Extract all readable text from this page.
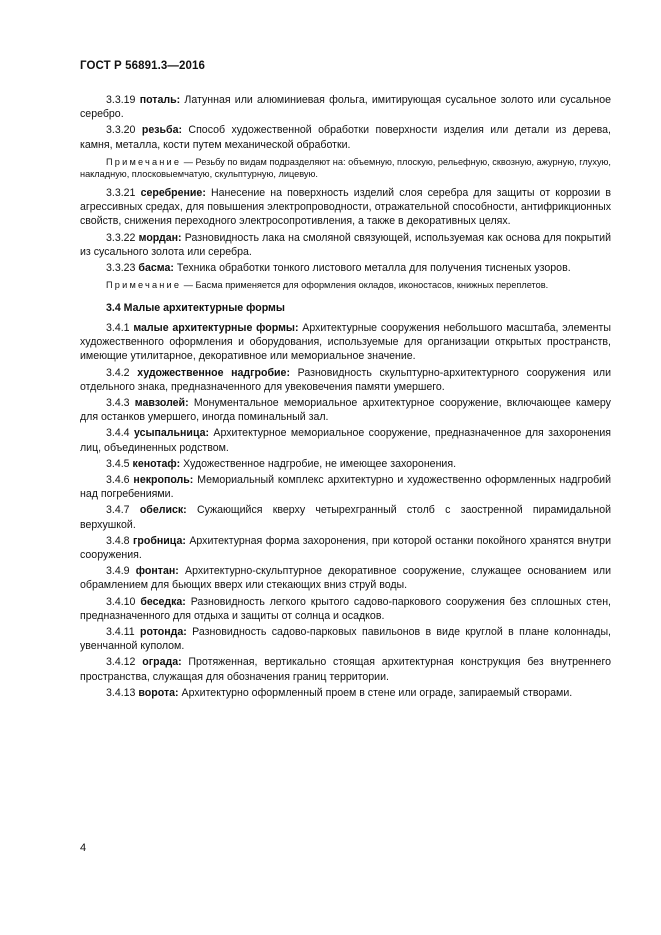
ГОСТ Р 56891.3—2016

3.3.19 поталь: Латунная или алюминиевая фольга, имитирующая сусальное золото или сусальное серебро.

3.3.20 резьба: Способ художественной обработки поверхности изделия или детали из дерева, камня, металла, кости путем механической обработки.

Примечание — Резьбу по видам подразделяют на: объемную, плоскую, рельефную, сквозную, ажурную, глухую, накладную, плосковыемчатую, скульптурную, лицевую.

3.3.21 серебрение: Нанесение на поверхность изделий слоя серебра для защиты от коррозии в агрессивных средах, для повышения электропроводности, отражательной способности, антифрикционных свойств, снижения переходного электросопротивления, а также в декоративных целях.

3.3.22 мордан: Разновидность лака на смоляной связующей, используемая как основа для покрытий из сусального золота или серебра.

3.3.23 басма: Техника обработки тонкого листового металла для получения тисненых узоров.

Примечание — Басма применяется для оформления окладов, иконостасов, книжных переплетов.

3.4 Малые архитектурные формы

3.4.1 малые архитектурные формы: Архитектурные сооружения небольшого масштаба, элементы художественного оформления и оборудования, используемые для организации открытых пространств, имеющие утилитарное, декоративное или мемориальное значение.

3.4.2 художественное надгробие: Разновидность скульптурно-архитектурного сооружения или отдельного знака, предназначенного для увековечения памяти умершего.

3.4.3 мавзолей: Монументальное мемориальное архитектурное сооружение, включающее камеру для останков умершего, иногда поминальный зал.

3.4.4 усыпальница: Архитектурное мемориальное сооружение, предназначенное для захоронения лиц, объединенных родством.

3.4.5 кенотаф: Художественное надгробие, не имеющее захоронения.

3.4.6 некрополь: Мемориальный комплекс архитектурно и художественно оформленных надгробий над погребениями.

3.4.7 обелиск: Сужающийся кверху четырехгранный столб с заостренной пирамидальной верхушкой.

3.4.8 гробница: Архитектурная форма захоронения, при которой останки покойного хранятся внутри сооружения.

3.4.9 фонтан: Архитектурно-скульптурное декоративное сооружение, служащее основанием или обрамлением для бьющих вверх или стекающих вниз струй воды.

3.4.10 беседка: Разновидность легкого крытого садово-паркового сооружения без сплошных стен, предназначенного для отдыха и защиты от солнца и осадков.

3.4.11 ротонда: Разновидность садово-парковых павильонов в виде круглой в плане колоннады, увенчанной куполом.

3.4.12 ограда: Протяженная, вертикально стоящая архитектурная конструкция без внутреннего пространства, служащая для обозначения границ территории.

3.4.13 ворота: Архитектурно оформленный проем в стене или ограде, запираемый створами.

4
